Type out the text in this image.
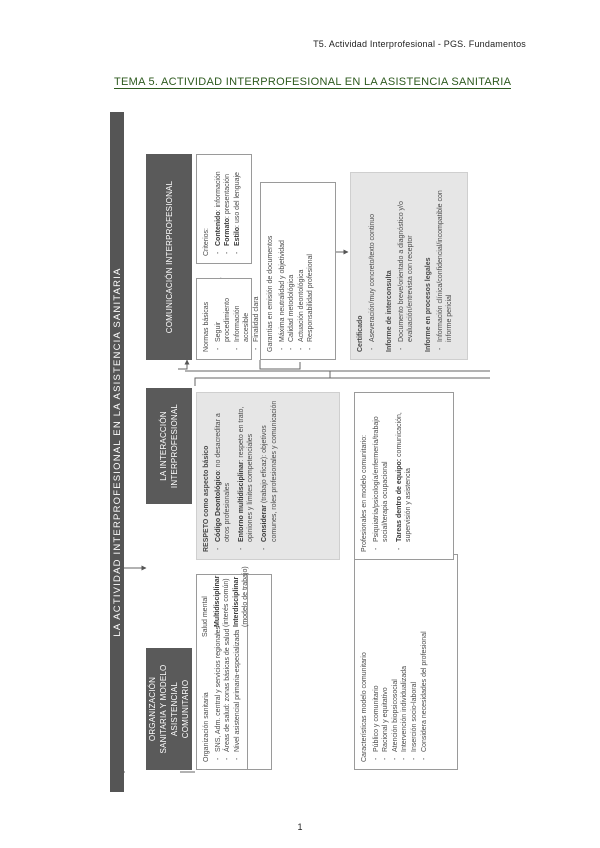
T5. Actividad Interprofesional - PGS. Fundamentos
TEMA 5. ACTIVIDAD INTERPROFESIONAL EN LA ASISTENCIA SANITARIA
LA ACTIVIDAD INTERPROFESIONAL EN LA ASISTENCIA SANITARIA
ORGANIZACIÓN SANITARIA Y MODELO ASISTENCIAL COMUNITARIO
LA INTERACCIÓN INTERPROFESIONAL
COMUNICACIÓN INTERPROFESIONAL
Organización sanitaria - SNS, Adm. central y servicios regionales - Áreas de salud: zonas básicas de salud - Nivel asistencial primaria-especializada
Salud mental - Multidisciplinar (interés común) - Interdisciplinar (modelo de trabajo)
Características modelo comunitario - Público y comunitario - Racional y equitativo - Atención biopsicosocial - Intervención individualizada - Inserción socio-laboral - Considera necesidades del profesional
RESPETO como aspecto básico - Código Deontológico: no desacreditar a otros profesionales - Entorno multidisciplinar: respeto en trato, opiniones y límites competenciales - Considerar (trabajo eficaz): objetivos comunes, roles profesionales y comunicación	Profesionales en modelo comunitario: - Psiquiatría/psicología/enfermería/trabajo social/terapia ocupacional - Tareas dentro de equipo: comunicación, supervisión y asistencia
Normas básicas - Seguir procedimiento - Información accesible - Finalidad clara
Criterios: - Contenido: información
- Formato: presentación
- Estilo: uso del lenguaje
Garantías en emisión de documentos - Máxima neutralidad y objetividad - Calidad metodológica - Actuación deontológica - Responsabilidad profesional	Certificado - Aseveración/muy concreto/texto continuo Informe de interconsulta - Documento breve/orientado a diagnóstico y/o evaluación/entrevista con receptor Informe en procesos legales - Información clínica/confidencial/incompatible con informe pericial
1
